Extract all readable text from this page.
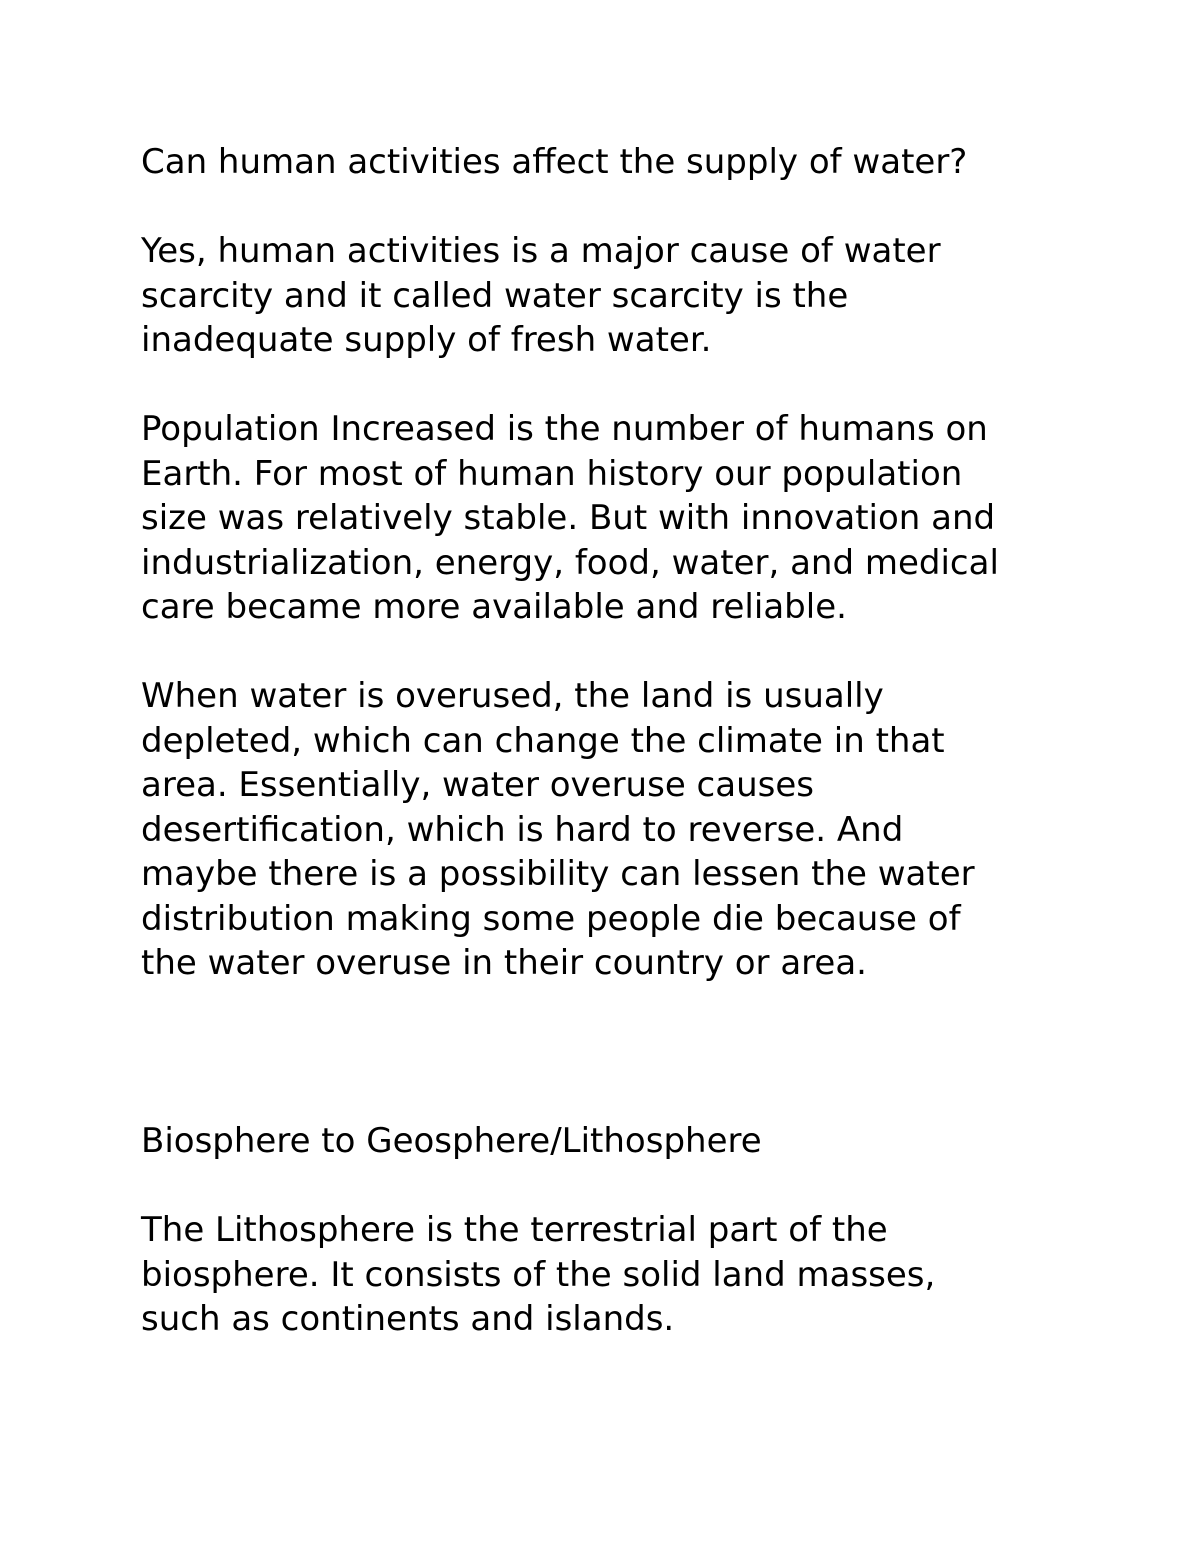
Can human activities affect the supply of water?
Yes, human activities is a major cause of water
scarcity and it called water scarcity is the
inadequate supply of fresh water.
Population Increased is the number of humans on
Earth. For most of human history our population
size was relatively stable. But with innovation and
industrialization, energy, food, water, and medical
care became more available and reliable.
When water is overused, the land is usually
depleted, which can change the climate in that
area. Essentially, water overuse causes
desertification, which is hard to reverse. And
maybe there is a possibility can lessen the water
distribution making some people die because of
the water overuse in their country or area.
Biosphere to Geosphere/Lithosphere
The Lithosphere is the terrestrial part of the
biosphere. It consists of the solid land masses,
such as continents and islands.
